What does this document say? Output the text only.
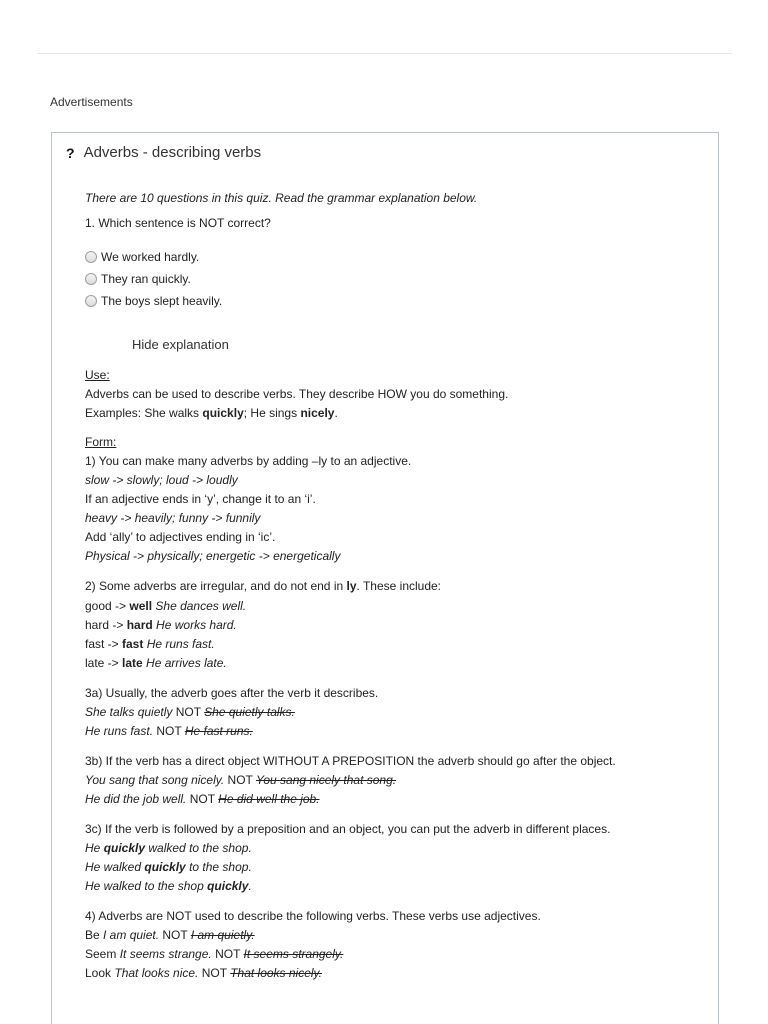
Advertisements
? Adverbs - describing verbs
There are 10 questions in this quiz. Read the grammar explanation below.
1. Which sentence is NOT correct?
We worked hardly.
They ran quickly.
The boys slept heavily.
Hide explanation
Use:
Adverbs can be used to describe verbs. They describe HOW you do something.
Examples: She walks quickly; He sings nicely.
Form:
1) You can make many adverbs by adding –ly to an adjective.
slow -> slowly; loud -> loudly
If an adjective ends in ‘y’, change it to an ‘i’.
heavy -> heavily; funny -> funnily
Add ‘ally’ to adjectives ending in ‘ic’.
Physical -> physically; energetic -> energetically
2) Some adverbs are irregular, and do not end in ly. These include:
good -> well She dances well.
hard -> hard He works hard.
fast -> fast He runs fast.
late -> late He arrives late.
3a) Usually, the adverb goes after the verb it describes.
She talks quietly NOT She quietly talks.
He runs fast. NOT He fast runs.
3b) If the verb has a direct object WITHOUT A PREPOSITION the adverb should go after the object.
You sang that song nicely. NOT You sang nicely that song.
He did the job well. NOT He did well the job.
3c) If the verb is followed by a preposition and an object, you can put the adverb in different places.
He quickly walked to the shop.
He walked quickly to the shop.
He walked to the shop quickly.
4) Adverbs are NOT used to describe the following verbs. These verbs use adjectives.
Be I am quiet. NOT I am quietly.
Seem It seems strange. NOT It seems strangely.
Look That looks nice. NOT That looks nicely.
